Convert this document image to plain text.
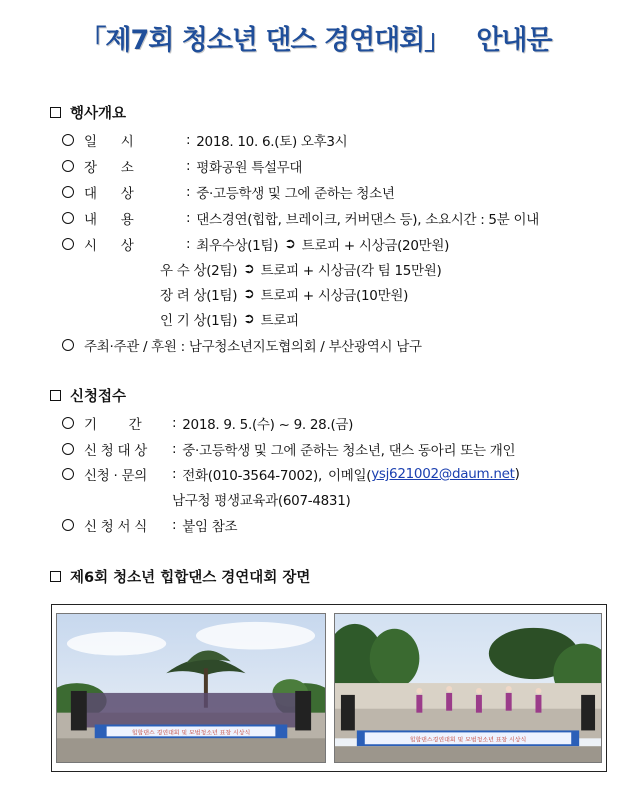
「제7회 청소년 댄스 경연대회」 안내문
행사개요
일      시	: 2018. 10. 6.(토) 오후3시
장      소	: 평화공원 특설무대
대      상	: 중·고등학생 및 그에 준하는 청소년
내      용	: 댄스경연(힙합, 브레이크, 커버댄스 등), 소요시간 : 5분 이내
시      상	: 최우수상(1팀) ➲ 트로피 + 시상금(20만원)
우 수 상(2팀) ➲ 트로피 + 시상금(각 팀 15만원)
장 려 상(1팀) ➲ 트로피 + 시상금(10만원)
인 기 상(1팀) ➲ 트로피
주최·주관 / 후원 : 남구청소년지도협의회 / 부산광역시 남구
신청접수
기        간	: 2018. 9. 5.(수) ~ 9. 28.(금)
신 청 대 상	: 중·고등학생 및 그에 준하는 청소년, 댄스 동아리 또는 개인
신청 · 문의	: 전화(010-3564-7002), 이메일( ysj621002@daum.net )
남구청 평생교육과(607-4831)
신 청 서 식	: 붙임 참조
제6회 청소년 힙합댄스 경연대회 장면
힙합댄스 경연대회 및 모범청소년 표창 시상식
힙합댄스경연대회 및 모범청소년 표창 시상식
